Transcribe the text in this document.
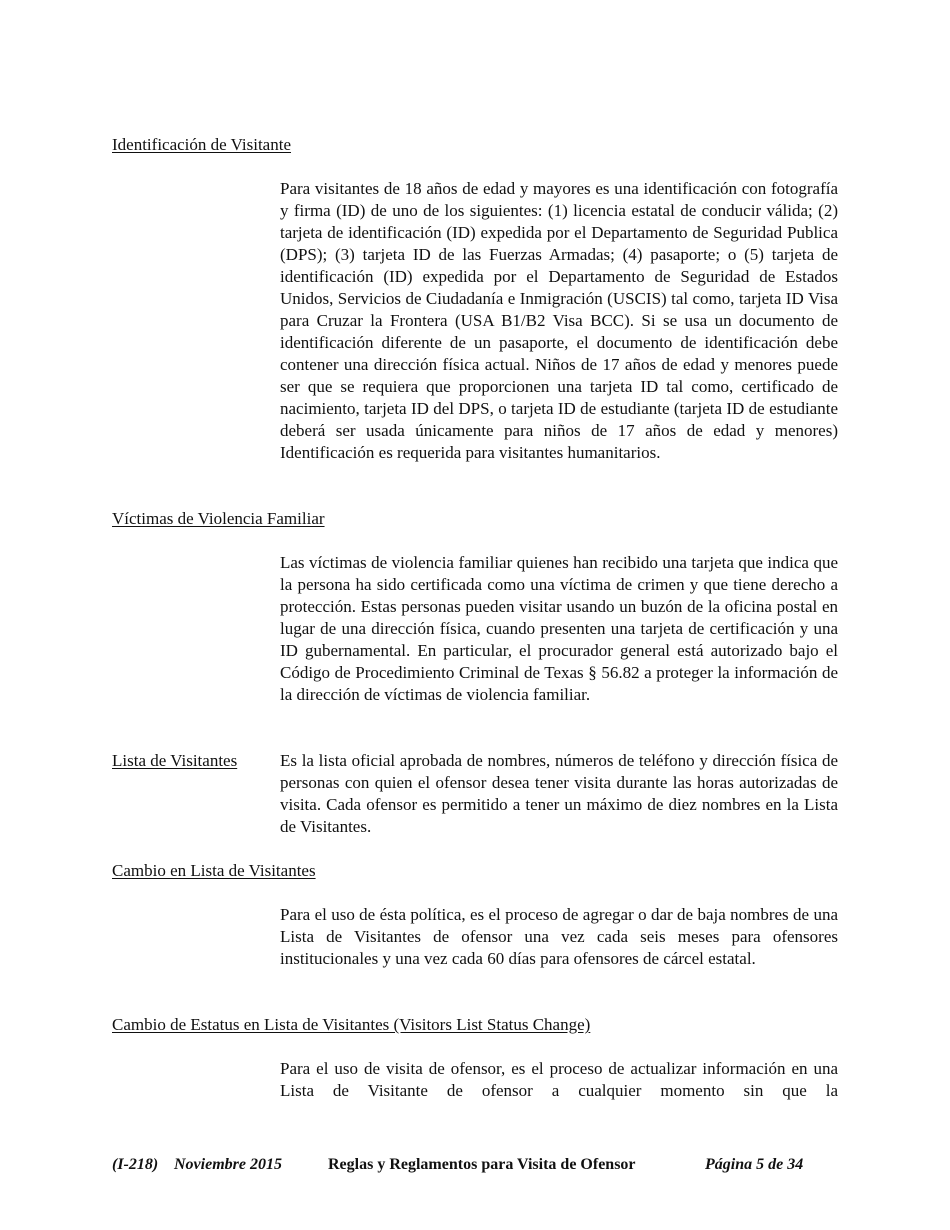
Identificación de Visitante

Para visitantes de 18 años de edad y mayores es una identificación con fotografía y firma (ID) de uno de los siguientes: (1) licencia estatal de conducir válida; (2) tarjeta de identificación (ID) expedida por el Departamento de Seguridad Publica (DPS); (3) tarjeta ID de las Fuerzas Armadas; (4) pasaporte; o (5) tarjeta de identificación (ID) expedida por el Departamento de Seguridad de Estados Unidos, Servicios de Ciudadanía e Inmigración (USCIS) tal como, tarjeta ID Visa para Cruzar la Frontera (USA B1/B2 Visa BCC). Si se usa un documento de identificación diferente de un pasaporte, el documento de identificación debe contener una dirección física actual. Niños de 17 años de edad y menores puede ser que se requiera que proporcionen una tarjeta ID tal como, certificado de nacimiento, tarjeta ID del DPS, o tarjeta ID de estudiante (tarjeta ID de estudiante deberá ser usada únicamente para niños de 17 años de edad y menores) Identificación es requerida para visitantes humanitarios.

Víctimas de Violencia Familiar

Las víctimas de violencia familiar quienes han recibido una tarjeta que indica que la persona ha sido certificada como una víctima de crimen y que tiene derecho a protección. Estas personas pueden visitar usando un buzón de la oficina postal en lugar de una dirección física, cuando presenten una tarjeta de certificación y una ID gubernamental. En particular, el procurador general está autorizado bajo el Código de Procedimiento Criminal de Texas § 56.82 a proteger la información de la dirección de víctimas de violencia familiar.

Lista de Visitantes	Es la lista oficial aprobada de nombres, números de teléfono y dirección física de personas con quien el ofensor desea tener visita durante las horas autorizadas de visita. Cada ofensor es permitido a tener un máximo de diez nombres en la Lista de Visitantes.

Cambio en Lista de Visitantes

Para el uso de ésta política, es el proceso de agregar o dar de baja nombres de una Lista de Visitantes de ofensor una vez cada seis meses para ofensores institucionales y una vez cada 60 días para ofensores de cárcel estatal.

Cambio de Estatus en Lista de Visitantes (Visitors List Status Change)

Para el uso de visita de ofensor, es el proceso de actualizar información en una Lista de Visitante de ofensor a cualquier momento sin que la

(I-218) Noviembre 2015	Reglas y Reglamentos para Visita de Ofensor	Página 5 de 34
